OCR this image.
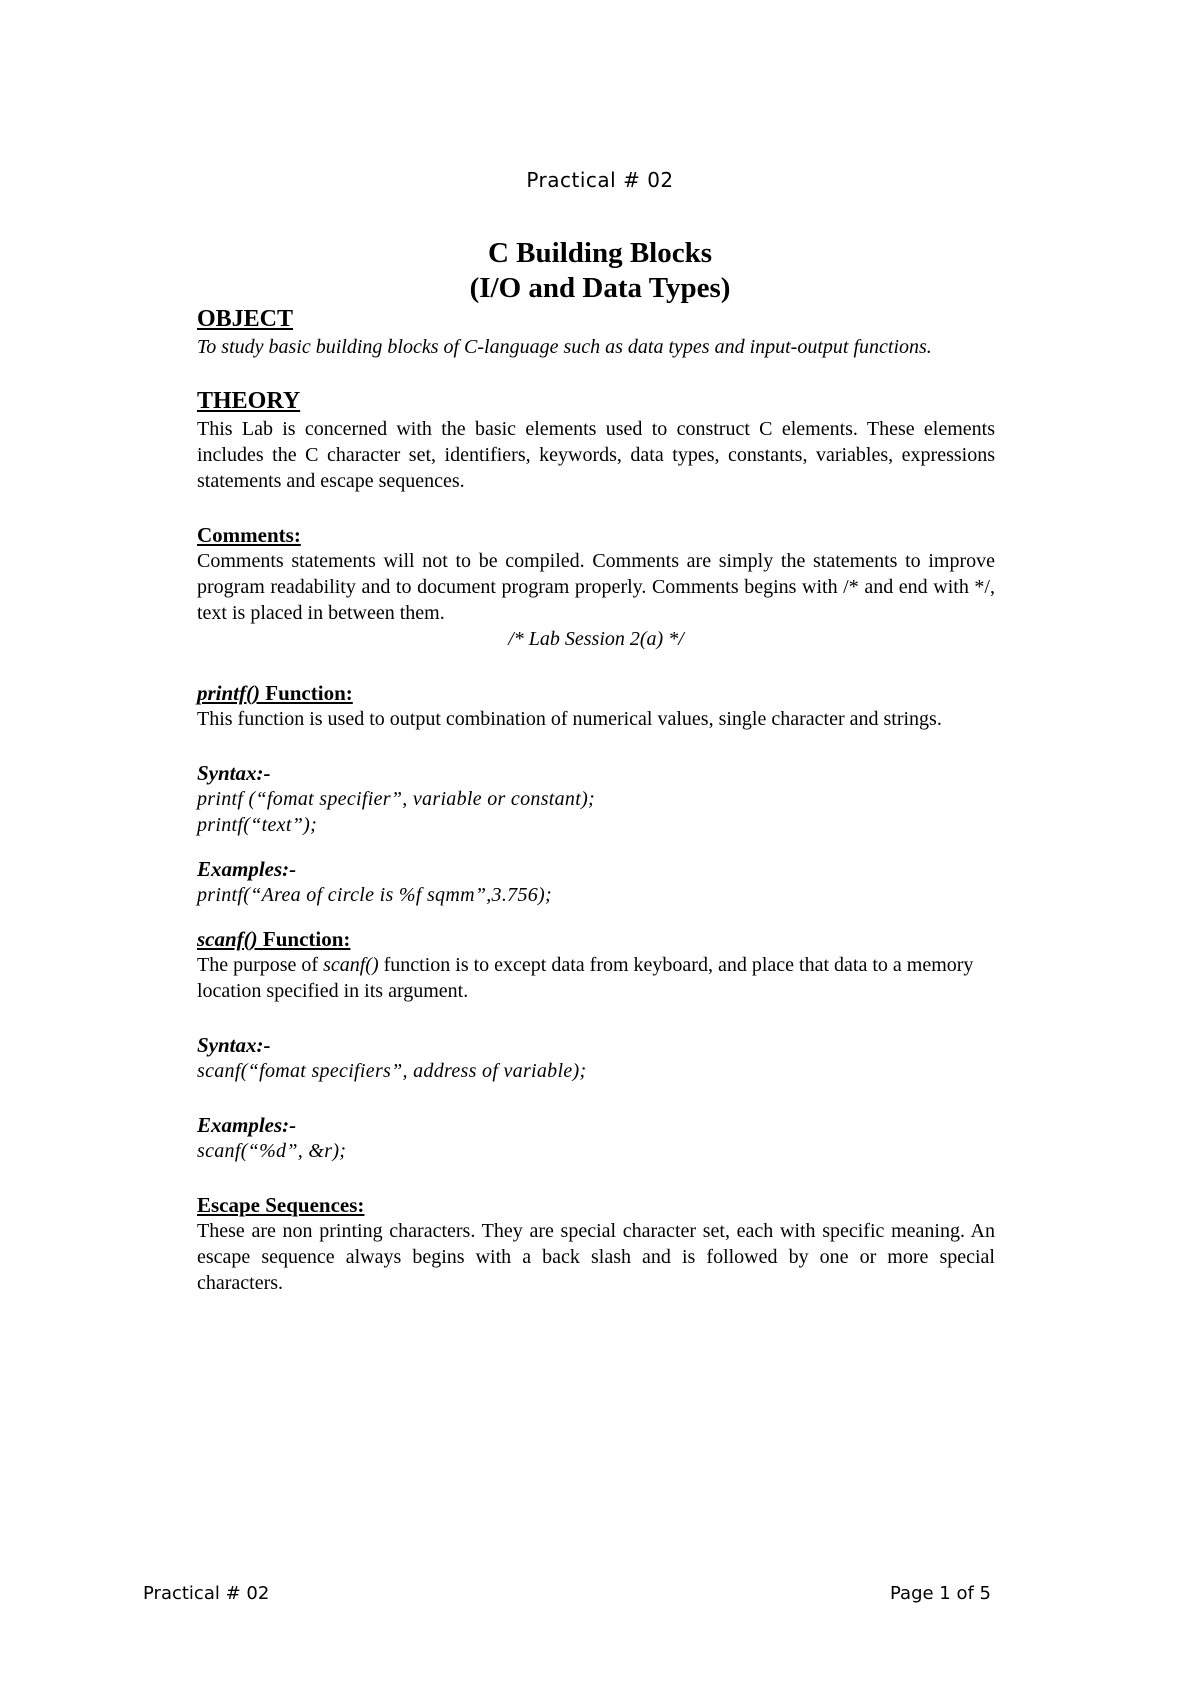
Practical # 02
C Building Blocks
(I/O and Data Types)
OBJECT

To study basic building blocks of C-language such as data types and input-output functions.

THEORY

This Lab is concerned with the basic elements used to construct C elements. These elements includes the C character set, identifiers, keywords, data types, constants, variables, expressions statements and escape sequences.

Comments:

Comments statements will not to be compiled. Comments are simply the statements to improve program readability and to document program properly. Comments begins with /* and end with */, text is placed in between them.

/* Lab Session 2(a) */

printf() Function:

This function is used to output combination of numerical values, single character and strings.

Syntax:-

printf (“fomat specifier”, variable or constant);

printf(“text”);

Examples:-

printf(“Area of circle is %f sqmm”,3.756);

scanf() Function:

The purpose of scanf() function is to except data from keyboard, and place that data to a memory location specified in its argument.

Syntax:-

scanf(“fomat specifiers”, address of variable);

Examples:-

scanf(“%d”, &r);

Escape Sequences:

These are non printing characters. They are special character set, each with specific meaning. An escape sequence always begins with a back slash and is followed by one or more special characters.

Practical # 02	Page 1 of 5
